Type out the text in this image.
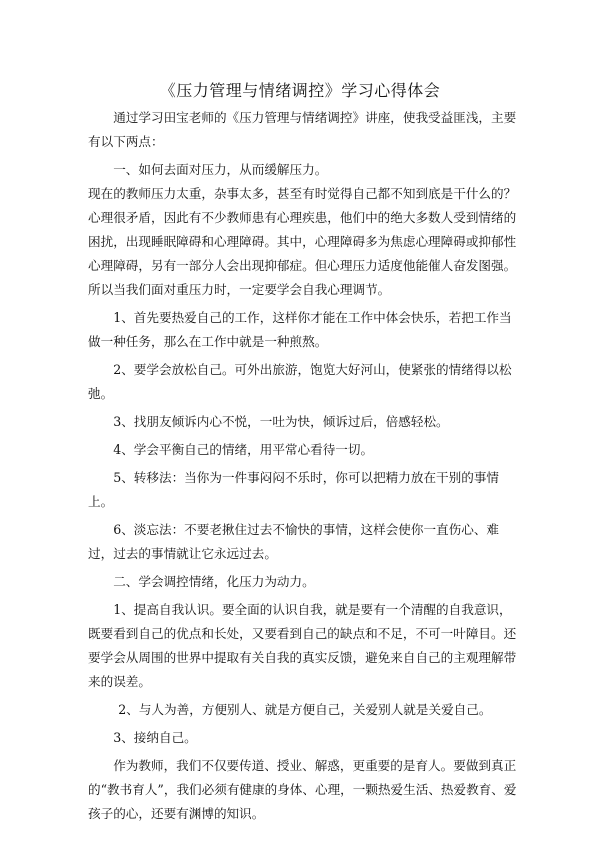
《压力管理与情绪调控》学习心得体会

通过学习田宝老师的《压力管理与情绪调控》讲座，使我受益匪浅，主要有以下两点：

一、如何去面对压力，从而缓解压力。

现在的教师压力太重，杂事太多，甚至有时觉得自己都不知到底是干什么的？心理很矛盾，因此有不少教师患有心理疾患，他们中的绝大多数人受到情绪的困扰，出现睡眠障碍和心理障碍。其中，心理障碍多为焦虑心理障碍或抑郁性心理障碍，另有一部分人会出现抑郁症。但心理压力适度他能催人奋发图强。所以当我们面对重压力时，一定要学会自我心理调节。

1、首先要热爱自己的工作，这样你才能在工作中体会快乐，若把工作当做一种任务，那么在工作中就是一种煎熬。

2、要学会放松自己。可外出旅游，饱览大好河山，使紧张的情绪得以松弛。

3、找朋友倾诉内心不悦，一吐为快，倾诉过后，倍感轻松。

4、学会平衡自己的情绪，用平常心看待一切。

5、转移法：当你为一件事闷闷不乐时，你可以把精力放在干别的事情上。

6、淡忘法：不要老揪住过去不愉快的事情，这样会使你一直伤心、难过，过去的事情就让它永远过去。

二、学会调控情绪，化压力为动力。

1、提高自我认识。要全面的认识自我，就是要有一个清醒的自我意识，既要看到自己的优点和长处，又要看到自己的缺点和不足，不可一叶障目。还要学会从周围的世界中提取有关自我的真实反馈，避免来自自己的主观理解带来的误差。

2、与人为善，方便别人、就是方便自己，关爱别人就是关爱自己。

3、接纳自己。

作为教师，我们不仅要传道、授业、解惑，更重要的是育人。要做到真正的“教书育人”，我们必须有健康的身体、心理，一颗热爱生活、热爱教育、爱孩子的心，还要有渊博的知识。
